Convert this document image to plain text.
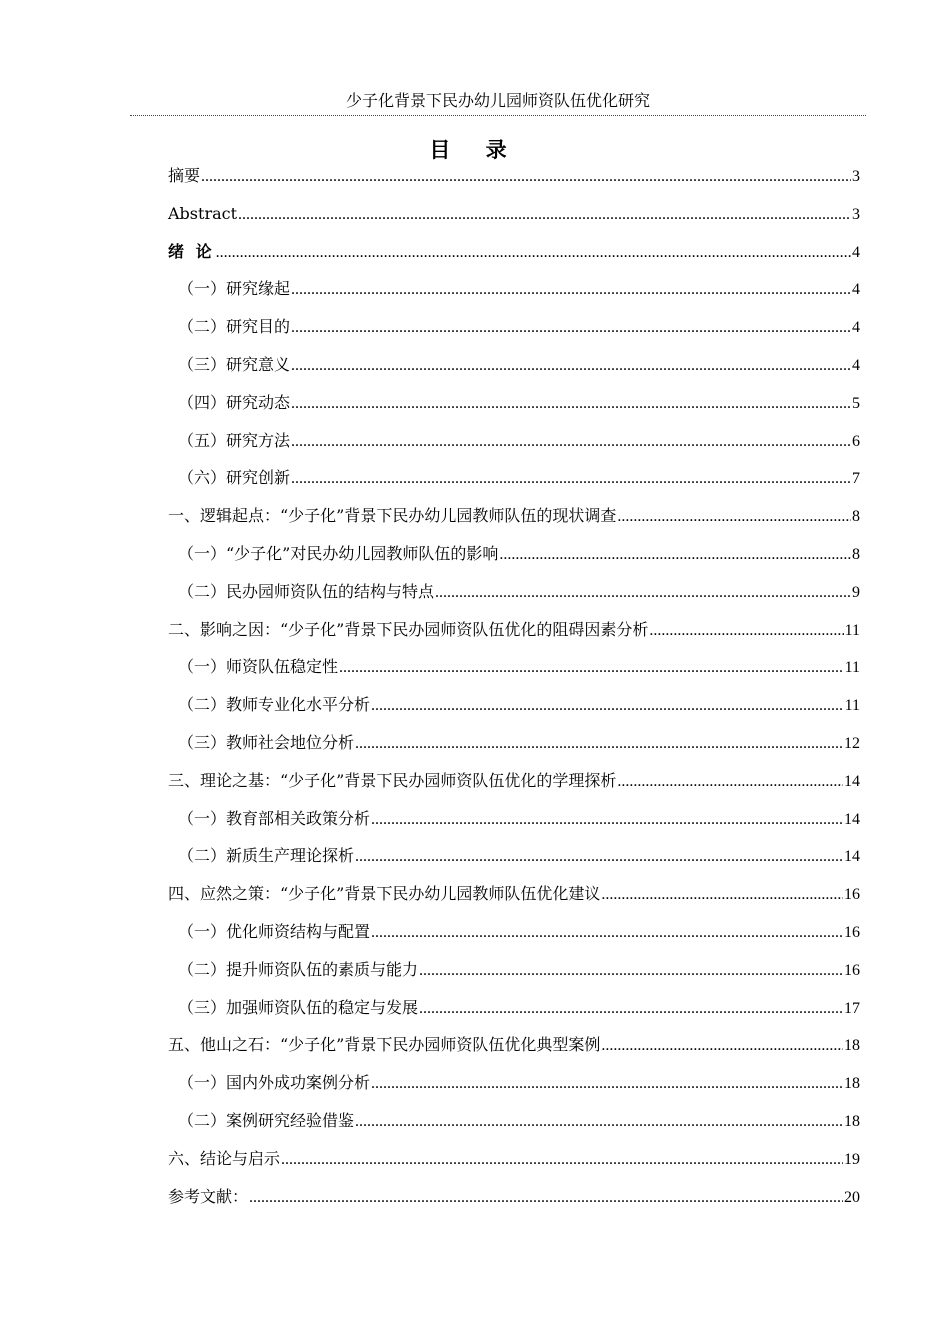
少子化背景下民办幼儿园师资队伍优化研究
目 录
摘要 .....	3
Abstract .....	3
绪 论 .....	4
（一）研究缘起 .....	4
（二）研究目的 .....	4
（三）研究意义 .....	4
（四）研究动态 .....	5
（五）研究方法 .....	6
（六）研究创新 .....	7
一、逻辑起点：“少子化”背景下民办幼儿园教师队伍的现状调查 .....	8
（一）“少子化”对民办幼儿园教师队伍的影响 .....	8
（二）民办园师资队伍的结构与特点 .....	9
二、影响之因：“少子化”背景下民办园师资队伍优化的阻碍因素分析 .....	11
（一）师资队伍稳定性 .....	11
（二）教师专业化水平分析 .....	11
（三）教师社会地位分析 .....	12
三、理论之基：“少子化”背景下民办园师资队伍优化的学理探析 .....	14
（一）教育部相关政策分析 .....	14
（二）新质生产理论探析 .....	14
四、应然之策：“少子化”背景下民办幼儿园教师队伍优化建议 .....	16
（一）优化师资结构与配置 .....	16
（二）提升师资队伍的素质与能力 .....	16
（三）加强师资队伍的稳定与发展 .....	17
五、他山之石：“少子化”背景下民办园师资队伍优化典型案例 .....	18
（一）国内外成功案例分析 .....	18
（二）案例研究经验借鉴 .....	18
六、结论与启示 .....	19
参考文献： .....	20
